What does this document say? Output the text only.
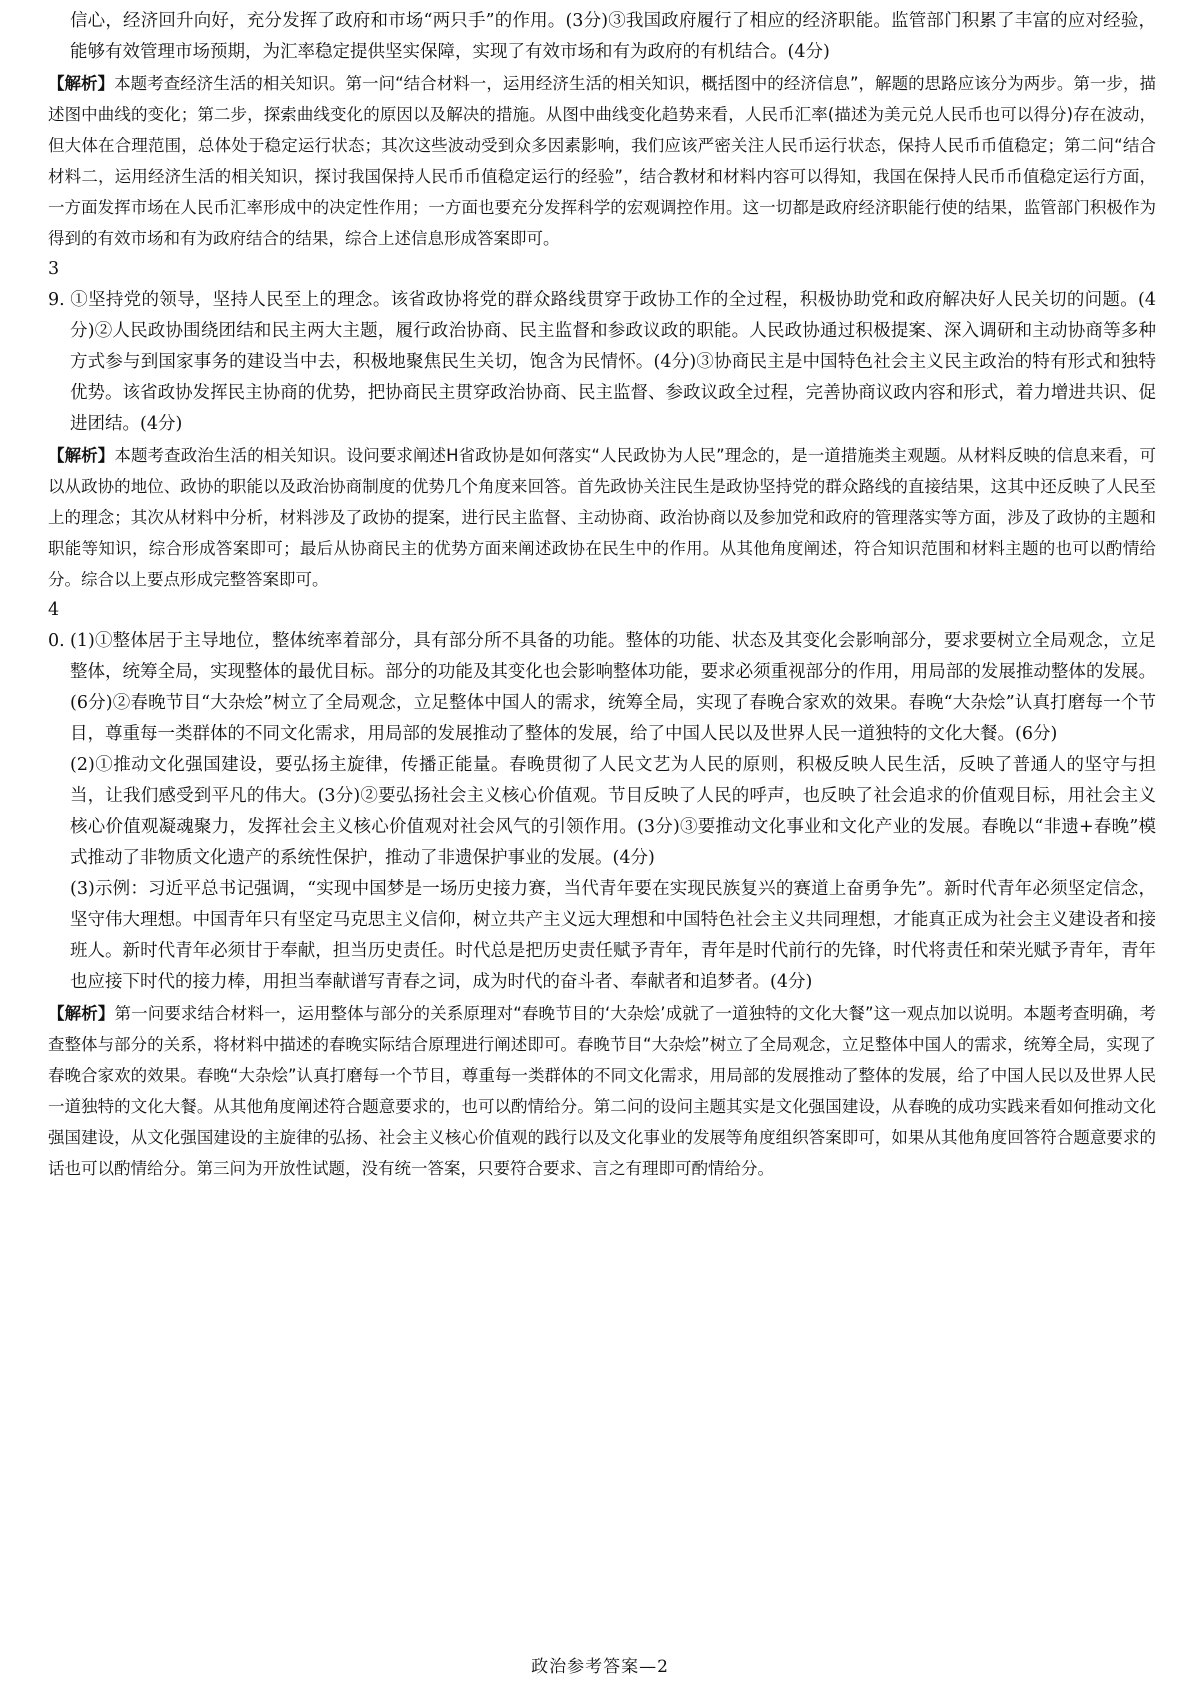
信心，经济回升向好，充分发挥了政府和市场“两只手”的作用。(3分)③我国政府履行了相应的经济职能。监管部门积累了丰富的应对经验，能够有效管理市场预期，为汇率稳定提供坚实保障，实现了有效市场和有为政府的有机结合。(4分)

【解析】本题考查经济生活的相关知识。第一问“结合材料一，运用经济生活的相关知识，概括图中的经济信息”，解题的思路应该分为两步。第一步，描述图中曲线的变化；第二步，探索曲线变化的原因以及解决的措施。从图中曲线变化趋势来看，人民币汇率(描述为美元兑人民币也可以得分)存在波动，但大体在合理范围，总体处于稳定运行状态；其次这些波动受到众多因素影响，我们应该严密关注人民币运行状态，保持人民币币值稳定；第二问“结合材料二，运用经济生活的相关知识，探讨我国保持人民币币值稳定运行的经验”，结合教材和材料内容可以得知，我国在保持人民币币值稳定运行方面，一方面发挥市场在人民币汇率形成中的决定性作用；一方面也要充分发挥科学的宏观调控作用。这一切都是政府经济职能行使的结果，监管部门积极作为得到的有效市场和有为政府结合的结果，综合上述信息形成答案即可。

39. ①坚持党的领导，坚持人民至上的理念。该省政协将党的群众路线贯穿于政协工作的全过程，积极协助党和政府解决好人民关切的问题。(4分)②人民政协围绕团结和民主两大主题，履行政治协商、民主监督和参政议政的职能。人民政协通过积极提案、深入调研和主动协商等多种方式参与到国家事务的建设当中去，积极地聚焦民生关切，饱含为民情怀。(4分)③协商民主是中国特色社会主义民主政治的特有形式和独特优势。该省政协发挥民主协商的优势，把协商民主贯穿政治协商、民主监督、参政议政全过程，完善协商议政内容和形式，着力增进共识、促进团结。(4分)

【解析】本题考查政治生活的相关知识。设问要求阐述H省政协是如何落实“人民政协为人民”理念的，是一道措施类主观题。从材料反映的信息来看，可以从政协的地位、政协的职能以及政治协商制度的优势几个角度来回答。首先政协关注民生是政协坚持党的群众路线的直接结果，这其中还反映了人民至上的理念；其次从材料中分析，材料涉及了政协的提案，进行民主监督、主动协商、政治协商以及参加党和政府的管理落实等方面，涉及了政协的主题和职能等知识，综合形成答案即可；最后从协商民主的优势方面来阐述政协在民生中的作用。从其他角度阐述，符合知识范围和材料主题的也可以酌情给分。综合以上要点形成完整答案即可。

40. (1)①整体居于主导地位，整体统率着部分，具有部分所不具备的功能。整体的功能、状态及其变化会影响部分，要求要树立全局观念，立足整体，统筹全局，实现整体的最优目标。部分的功能及其变化也会影响整体功能，要求必须重视部分的作用，用局部的发展推动整体的发展。(6分)②春晚节目“大杂烩”树立了全局观念，立足整体中国人的需求，统筹全局，实现了春晚合家欢的效果。春晚“大杂烩”认真打磨每一个节目，尊重每一类群体的不同文化需求，用局部的发展推动了整体的发展，给了中国人民以及世界人民一道独特的文化大餐。(6分)

(2)①推动文化强国建设，要弘扬主旋律，传播正能量。春晚贯彻了人民文艺为人民的原则，积极反映人民生活，反映了普通人的坚守与担当，让我们感受到平凡的伟大。(3分)②要弘扬社会主义核心价值观。节目反映了人民的呼声，也反映了社会追求的价值观目标，用社会主义核心价值观凝魂聚力，发挥社会主义核心价值观对社会风气的引领作用。(3分)③要推动文化事业和文化产业的发展。春晚以“非遗+春晚”模式推动了非物质文化遗产的系统性保护，推动了非遗保护事业的发展。(4分)

(3)示例：习近平总书记强调，“实现中国梦是一场历史接力赛，当代青年要在实现民族复兴的赛道上奋勇争先”。新时代青年必须坚定信念，坚守伟大理想。中国青年只有坚定马克思主义信仰，树立共产主义远大理想和中国特色社会主义共同理想，才能真正成为社会主义建设者和接班人。新时代青年必须甘于奉献，担当历史责任。时代总是把历史责任赋予青年，青年是时代前行的先锋，时代将责任和荣光赋予青年，青年也应接下时代的接力棒，用担当奉献谱写青春之词，成为时代的奋斗者、奉献者和追梦者。(4分)

【解析】第一问要求结合材料一，运用整体与部分的关系原理对“春晚节目的‘大杂烩’成就了一道独特的文化大餐”这一观点加以说明。本题考查明确，考查整体与部分的关系，将材料中描述的春晚实际结合原理进行阐述即可。春晚节目“大杂烩”树立了全局观念，立足整体中国人的需求，统筹全局，实现了春晚合家欢的效果。春晚“大杂烩”认真打磨每一个节目，尊重每一类群体的不同文化需求，用局部的发展推动了整体的发展，给了中国人民以及世界人民一道独特的文化大餐。从其他角度阐述符合题意要求的，也可以酌情给分。第二问的设问主题其实是文化强国建设，从春晚的成功实践来看如何推动文化强国建设，从文化强国建设的主旋律的弘扬、社会主义核心价值观的践行以及文化事业的发展等角度组织答案即可，如果从其他角度回答符合题意要求的话也可以酌情给分。第三问为开放性试题，没有统一答案，只要符合要求、言之有理即可酌情给分。

政治参考答案—2
